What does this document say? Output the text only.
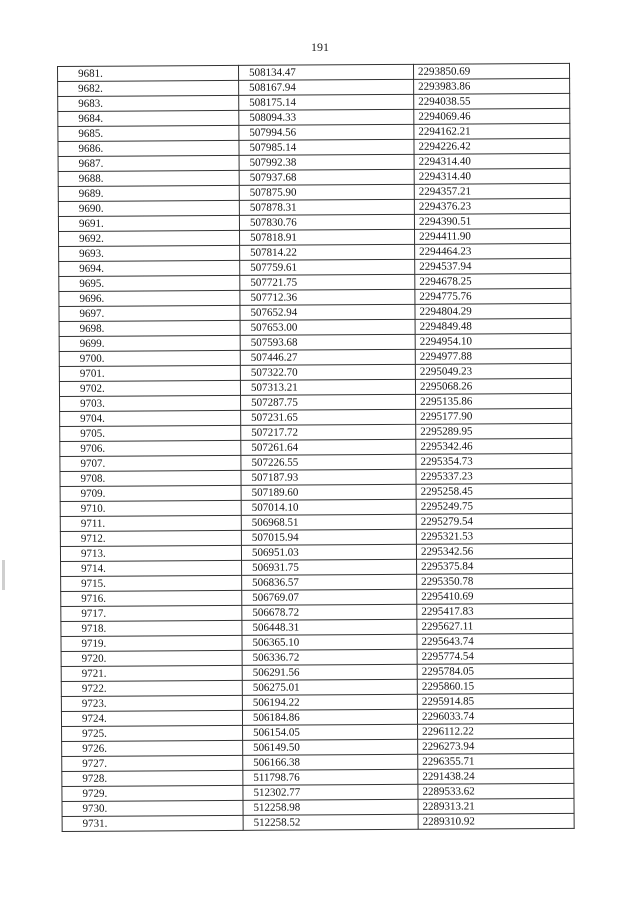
191
9681.	508134.47	2293850.69
9682.	508167.94	2293983.86
9683.	508175.14	2294038.55
9684.	508094.33	2294069.46
9685.	507994.56	2294162.21
9686.	507985.14	2294226.42
9687.	507992.38	2294314.40
9688.	507937.68	2294314.40
9689.	507875.90	2294357.21
9690.	507878.31	2294376.23
9691.	507830.76	2294390.51
9692.	507818.91	2294411.90
9693.	507814.22	2294464.23
9694.	507759.61	2294537.94
9695.	507721.75	2294678.25
9696.	507712.36	2294775.76
9697.	507652.94	2294804.29
9698.	507653.00	2294849.48
9699.	507593.68	2294954.10
9700.	507446.27	2294977.88
9701.	507322.70	2295049.23
9702.	507313.21	2295068.26
9703.	507287.75	2295135.86
9704.	507231.65	2295177.90
9705.	507217.72	2295289.95
9706.	507261.64	2295342.46
9707.	507226.55	2295354.73
9708.	507187.93	2295337.23
9709.	507189.60	2295258.45
9710.	507014.10	2295249.75
9711.	506968.51	2295279.54
9712.	507015.94	2295321.53
9713.	506951.03	2295342.56
9714.	506931.75	2295375.84
9715.	506836.57	2295350.78
9716.	506769.07	2295410.69
9717.	506678.72	2295417.83
9718.	506448.31	2295627.11
9719.	506365.10	2295643.74
9720.	506336.72	2295774.54
9721.	506291.56	2295784.05
9722.	506275.01	2295860.15
9723.	506194.22	2295914.85
9724.	506184.86	2296033.74
9725.	506154.05	2296112.22
9726.	506149.50	2296273.94
9727.	506166.38	2296355.71
9728.	511798.76	2291438.24
9729.	512302.77	2289533.62
9730.	512258.98	2289313.21
9731.	512258.52	2289310.92
